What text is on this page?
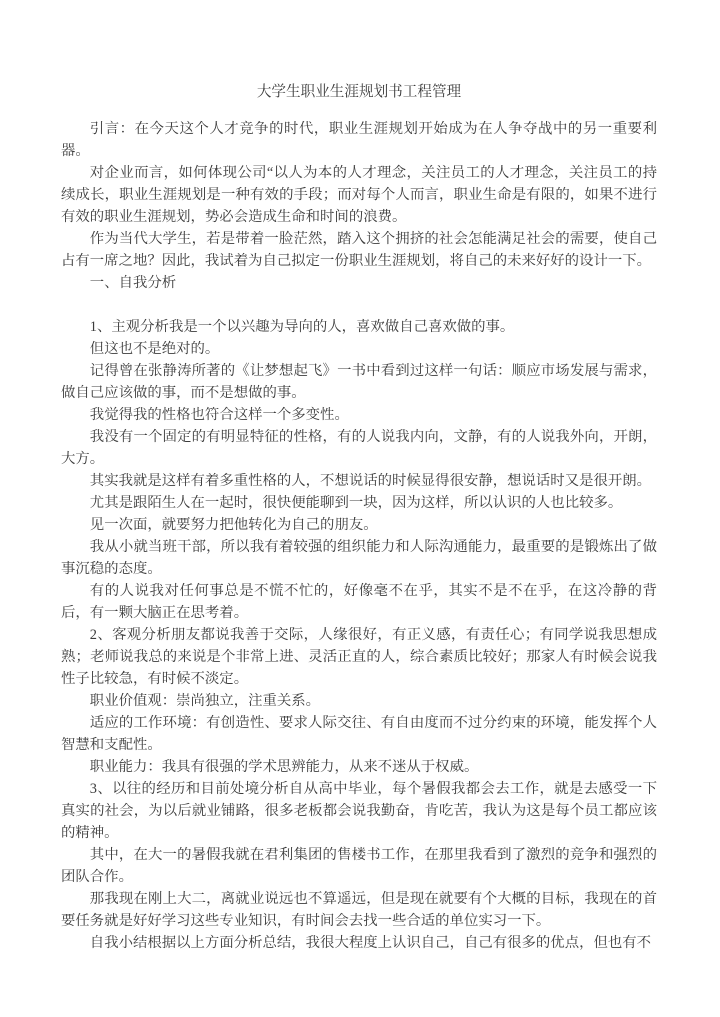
大学生职业生涯规划书工程管理

引言：在今天这个人才竞争的时代，职业生涯规划开始成为在人争夺战中的另一重要利器。

对企业而言，如何体现公司“以人为本的人才理念，关注员工的人才理念，关注员工的持续成长，职业生涯规划是一种有效的手段；而对每个人而言，职业生命是有限的，如果不进行有效的职业生涯规划，势必会造成生命和时间的浪费。

作为当代大学生，若是带着一脸茫然，踏入这个拥挤的社会怎能满足社会的需要，使自己占有一席之地？因此，我试着为自己拟定一份职业生涯规划，将自己的未来好好的设计一下。

一、自我分析

1、主观分析我是一个以兴趣为导向的人，喜欢做自己喜欢做的事。

但这也不是绝对的。

记得曾在张静涛所著的《让梦想起飞》一书中看到过这样一句话：顺应市场发展与需求，做自己应该做的事，而不是想做的事。

我觉得我的性格也符合这样一个多变性。

我没有一个固定的有明显特征的性格，有的人说我内向，文静，有的人说我外向，开朗，大方。

其实我就是这样有着多重性格的人，不想说话的时候显得很安静，想说话时又是很开朗。

尤其是跟陌生人在一起时，很快便能聊到一块，因为这样，所以认识的人也比较多。

见一次面，就要努力把他转化为自己的朋友。

我从小就当班干部，所以我有着较强的组织能力和人际沟通能力，最重要的是锻炼出了做事沉稳的态度。

有的人说我对任何事总是不慌不忙的，好像毫不在乎，其实不是不在乎，在这冷静的背后，有一颗大脑正在思考着。

2、客观分析朋友都说我善于交际，人缘很好，有正义感，有责任心；有同学说我思想成熟；老师说我总的来说是个非常上进、灵活正直的人，综合素质比较好；那家人有时候会说我性子比较急，有时候不淡定。

职业价值观：崇尚独立，注重关系。

适应的工作环境：有创造性、要求人际交往、有自由度而不过分约束的环境，能发挥个人智慧和支配性。

职业能力：我具有很强的学术思辨能力，从来不迷从于权威。

3、以往的经历和目前处境分析自从高中毕业，每个暑假我都会去工作，就是去感受一下真实的社会，为以后就业铺路，很多老板都会说我勤奋，肯吃苦，我认为这是每个员工都应该的精神。

其中，在大一的暑假我就在君利集团的售楼书工作，在那里我看到了激烈的竞争和强烈的团队合作。

那我现在刚上大二，离就业说远也不算遥远，但是现在就要有个大概的目标，我现在的首要任务就是好好学习这些专业知识，有时间会去找一些合适的单位实习一下。

自我小结根据以上方面分析总结，我很大程度上认识自己，自己有很多的优点，但也有不
